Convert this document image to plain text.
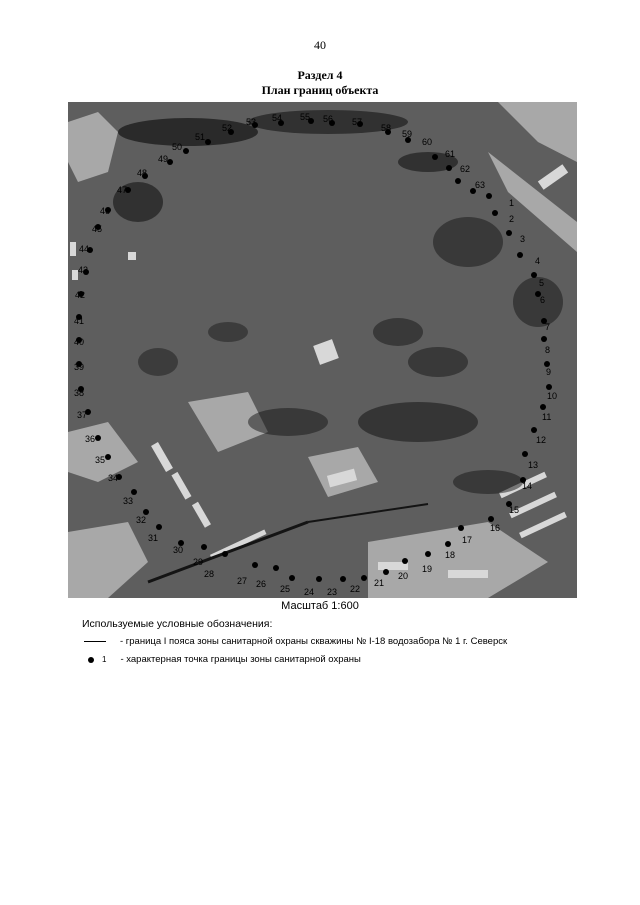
40
Раздел 4
План границ объекта
1
2
3
4
5
6
7
8
9
10
11
12
13
14
15
16
17
18
19
20
21
22
23
24
25
26
27
28
29
30
31
32
33
34
35
36
37
38
39
40
41
42
43
44
45
46
47
48
49
50
51
52
53 54 55 56 57
58
59
60
61
62
63
Масштаб 1:600
Используемые условные обозначения:
- граница I пояса зоны санитарной охраны скважины № I-18 водозабора № 1 г. Северск
1 - характерная точка границы зоны санитарной охраны
